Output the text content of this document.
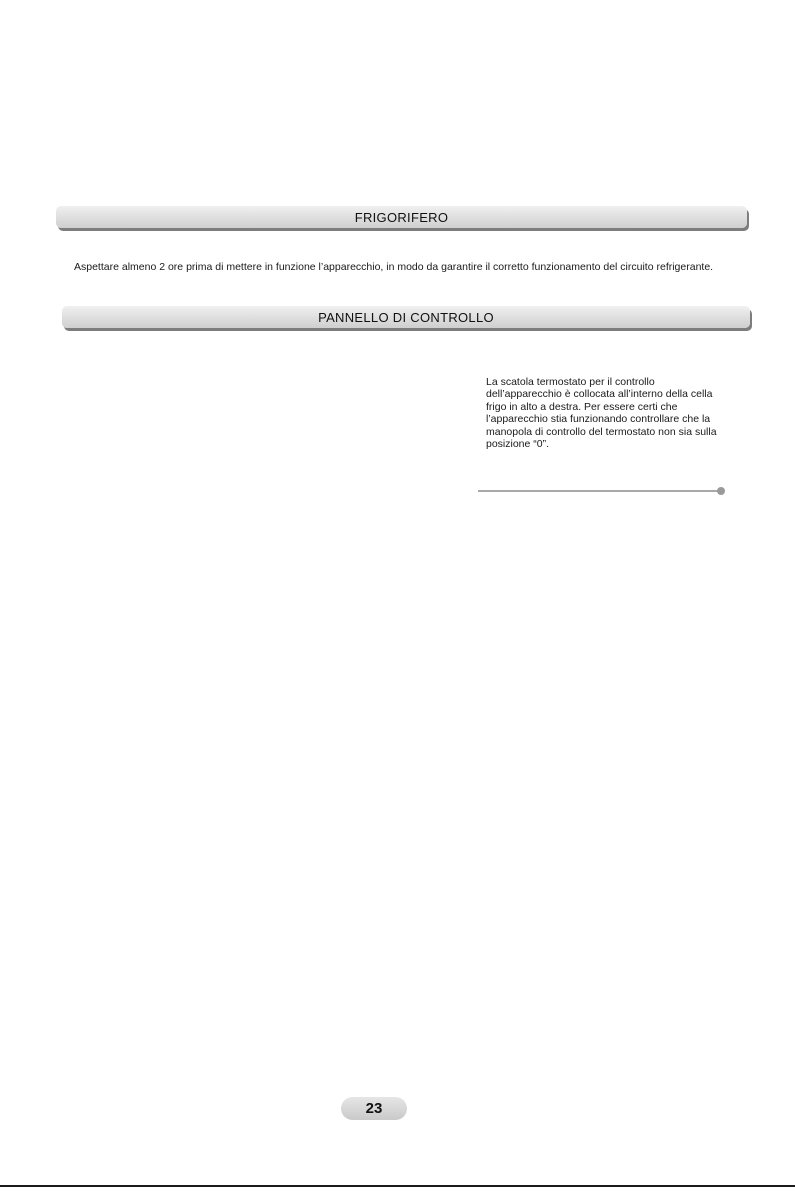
FRIGORIFERO

Aspettare almeno 2 ore prima di mettere in funzione l’apparecchio, in modo da garantire il corretto funzionamento del circuito refrigerante.

PANNELLO DI CONTROLLO

La scatola termostato per il controllo dell’apparecchio è collocata all’interno della cella frigo in alto a destra. Per essere certi che l’apparecchio stia funzionando controllare che la manopola di controllo del termostato non sia sulla posizione “0”.

23
